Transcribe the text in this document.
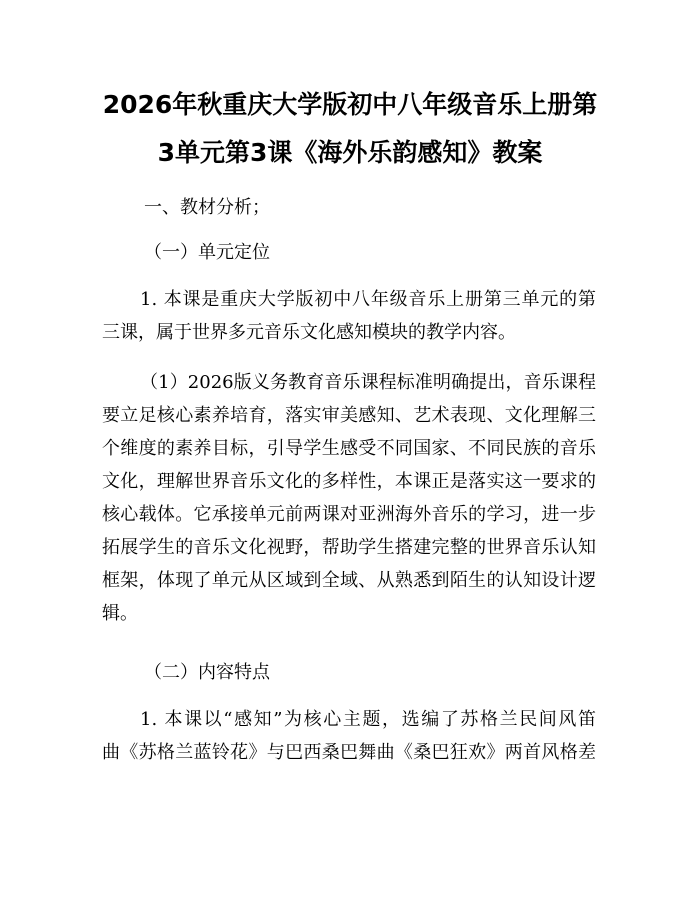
2026年秋重庆大学版初中八年级音乐上册第
3单元第3课《海外乐韵感知》教案
一、教材分析；
（一）单元定位
1. 本课是重庆大学版初中八年级音乐上册第三单元的第
三课，属于世界多元音乐文化感知模块的教学内容。
（1）2026版义务教育音乐课程标准明确提出，音乐课程
要立足核心素养培育，落实审美感知、艺术表现、文化理解三
个维度的素养目标，引导学生感受不同国家、不同民族的音乐
文化，理解世界音乐文化的多样性，本课正是落实这一要求的
核心载体。它承接单元前两课对亚洲海外音乐的学习，进一步
拓展学生的音乐文化视野，帮助学生搭建完整的世界音乐认知
框架，体现了单元从区域到全域、从熟悉到陌生的认知设计逻
辑。
（二）内容特点
1. 本课以“感知”为核心主题，选编了苏格兰民间风笛
曲《苏格兰蓝铃花》与巴西桑巴舞曲《桑巴狂欢》两首风格差
